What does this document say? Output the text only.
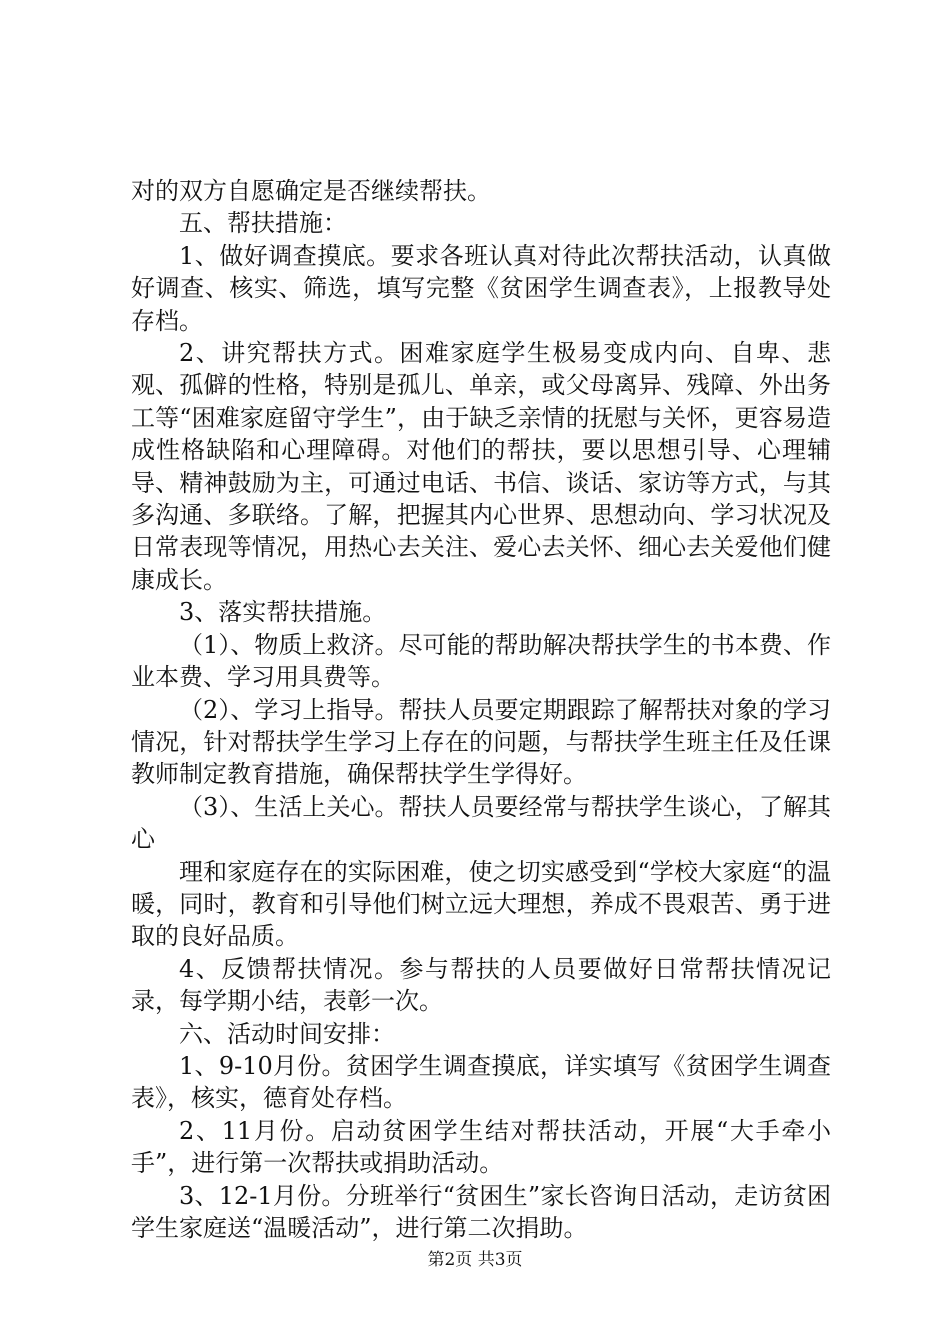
对的双方自愿确定是否继续帮扶。

五、帮扶措施：

1、做好调查摸底。要求各班认真对待此次帮扶活动，认真做好调查、核实、筛选，填写完整《贫困学生调查表》，上报教导处存档。

2、讲究帮扶方式。困难家庭学生极易变成内向、自卑、悲观、孤僻的性格，特别是孤儿、单亲，或父母离异、残障、外出务工等“困难家庭留守学生”，由于缺乏亲情的抚慰与关怀，更容易造成性格缺陷和心理障碍。对他们的帮扶，要以思想引导、心理辅导、精神鼓励为主，可通过电话、书信、谈话、家访等方式，与其多沟通、多联络。了解，把握其内心世界、思想动向、学习状况及日常表现等情况，用热心去关注、爱心去关怀、细心去关爱他们健康成长。

3、落实帮扶措施。

（1）、物质上救济。尽可能的帮助解决帮扶学生的书本费、作业本费、学习用具费等。

（2）、学习上指导。帮扶人员要定期跟踪了解帮扶对象的学习情况，针对帮扶学生学习上存在的问题，与帮扶学生班主任及任课教师制定教育措施，确保帮扶学生学得好。

（3）、生活上关心。帮扶人员要经常与帮扶学生谈心，了解其心

理和家庭存在的实际困难，使之切实感受到“学校大家庭“的温暖，同时，教育和引导他们树立远大理想，养成不畏艰苦、勇于进取的良好品质。

4、反馈帮扶情况。参与帮扶的人员要做好日常帮扶情况记录，每学期小结，表彰一次。

六、活动时间安排：

1、9-10月份。贫困学生调查摸底，详实填写《贫困学生调查表》，核实，德育处存档。

2、11月份。启动贫困学生结对帮扶活动，开展“大手牵小手”，进行第一次帮扶或捐助活动。

3、12-1月份。分班举行“贫困生”家长咨询日活动，走访贫困学生家庭送“温暖活动”，进行第二次捐助。

第2页 共3页
